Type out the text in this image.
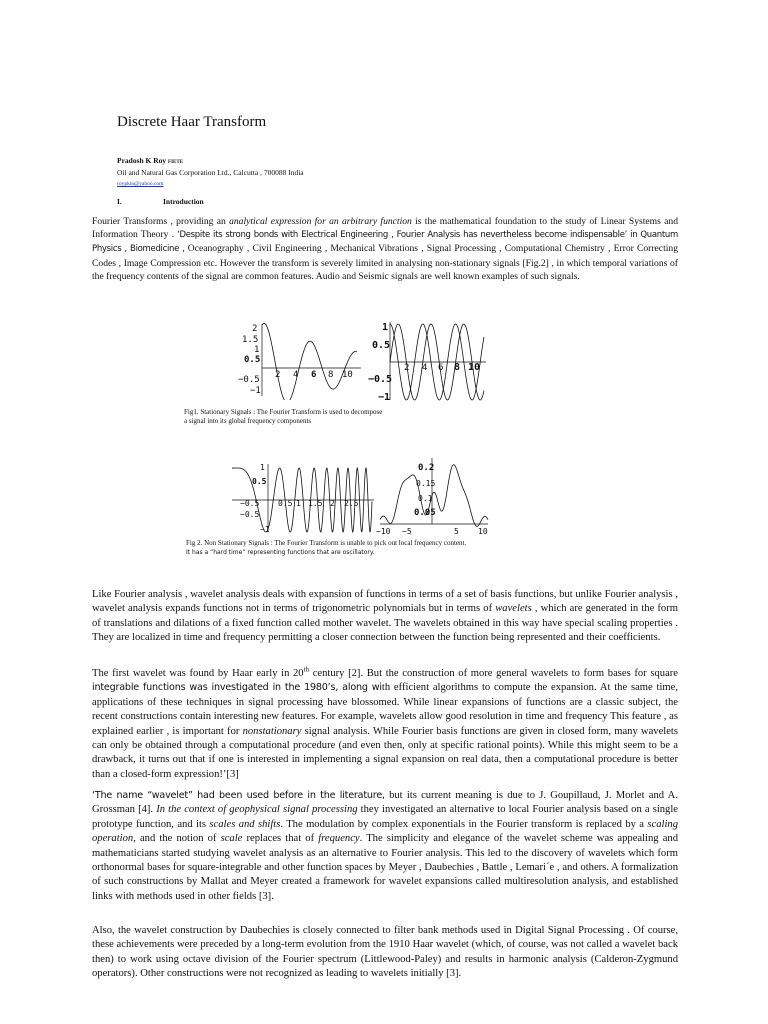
Discrete Haar Transform
Pradosh K Roy FIETE
Oil and Natural Gas Corporation Ltd., Calcutta , 700088 India
roypkin@yahoo.com
I.	Introduction
Fourier Transforms , providing an analytical expression for an arbitrary function is the mathematical foundation to the study of Linear Systems and Information Theory . ‘Despite its strong bonds with Electrical Engineering , Fourier Analysis has nevertheless become indispensable’ in Quantum Physics , Biomedicine , Oceanography , Civil Engineering , Mechanical Vibrations , Signal Processing , Computational Chemistry , Error Correcting Codes , Image Compression etc. However the transform is severely limited in analysing non-stationary signals [Fig.2] , in which temporal variations of the frequency contents of the signal are common features. Audio and Seismic signals are well known examples of such signals.
2
1.5
1
0.5
−0.5
−1
2 4 6 8 10
1
0.5
−0.5
−1
2 4 6 8 10
Fig1. Stationary Signals : The Fourier Transform is used to decompose
a signal into its global frequency components
1
0.5
−0.5
−1
−0.5 0.5 1 1.5 2 2.5
0.2
0.15
0.1
0.05
−10 −5	5 10
Fig 2. Non Stationary Signals : The Fourier Transform is unable to pick out local frequency content.
It has a “hard time” representing functions that are oscillatory.
Like Fourier analysis , wavelet analysis deals with expansion of functions in terms of a set of basis functions, but unlike Fourier analysis , wavelet analysis expands functions not in terms of trigonometric polynomials but in terms of wavelets , which are generated in the form of translations and dilations of a fixed function called mother wavelet. The wavelets obtained in this way have special scaling properties . They are localized in time and frequency permitting a closer connection between the function being represented and their coefficients.
The first wavelet was found by Haar early in 20th century [2]. But the construction of more general wavelets to form bases for square integrable functions was investigated in the 1980’s, along with efficient algorithms to compute the expansion. At the same time, applications of these techniques in signal processing have blossomed. While linear expansions of functions are a classic subject, the recent constructions contain interesting new features. For example, wavelets allow good resolution in time and frequency This feature , as explained earlier , is important for nonstationary signal analysis. While Fourier basis functions are given in closed form, many wavelets can only be obtained through a computational procedure (and even then, only at specific rational points). While this might seem to be a drawback, it turns out that if one is interested in implementing a signal expansion on real data, then a computational procedure is better than a closed-form expression!’[3]
‘The name “wavelet” had been used before in the literature, but its current meaning is due to J. Goupillaud, J. Morlet and A. Grossman [4]. In the context of geophysical signal processing they investigated an alternative to local Fourier analysis based on a single prototype function, and its scales and shifts. The modulation by complex exponentials in the Fourier transform is replaced by a scaling operation, and the notion of scale replaces that of frequency. The simplicity and elegance of the wavelet scheme was appealing and mathematicians started studying wavelet analysis as an alternative to Fourier analysis. This led to the discovery of wavelets which form orthonormal bases for square-integrable and other function spaces by Meyer , Daubechies , Battle , Lemari´e , and others. A formalization of such constructions by Mallat and Meyer created a framework for wavelet expansions called multiresolution analysis, and established links with methods used in other fields [3].
Also, the wavelet construction by Daubechies is closely connected to filter bank methods used in Digital Signal Processing . Of course, these achievements were preceded by a long-term evolution from the 1910 Haar wavelet (which, of course, was not called a wavelet back then) to work using octave division of the Fourier spectrum (Littlewood-Paley) and results in harmonic analysis (Calderon-Zygmund operators). Other constructions were not recognized as leading to wavelets initially [3].
